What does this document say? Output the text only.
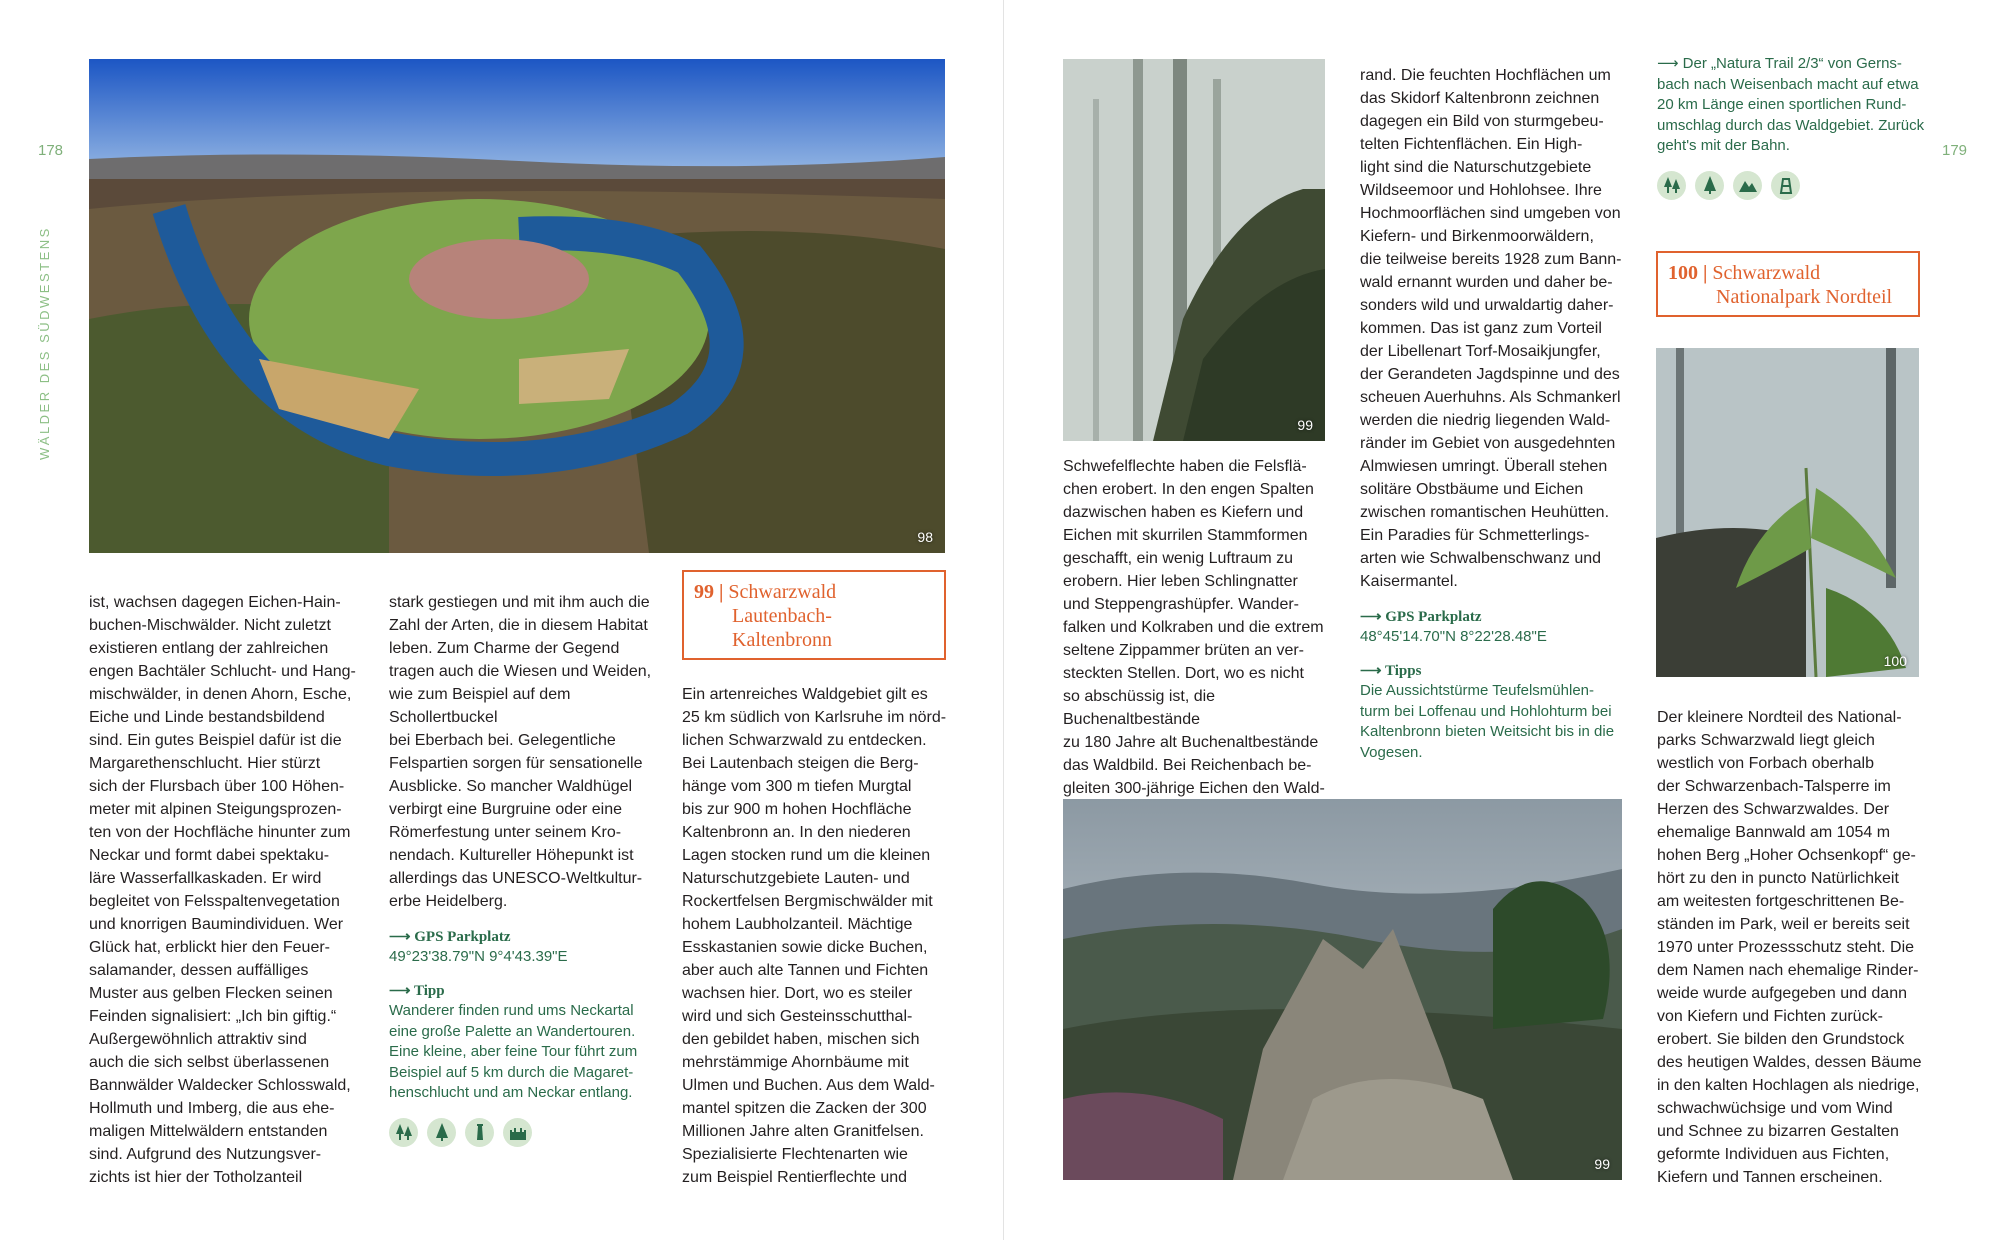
178
WÄLDER DES SÜDWESTENS
98
ist, wachsen dagegen Eichen-Hain-
buchen-Mischwälder. Nicht zuletzt
existieren entlang der zahlreichen
engen Bachtäler Schlucht- und Hang-
mischwälder, in denen Ahorn, Esche,
Eiche und Linde bestandsbildend
sind. Ein gutes Beispiel dafür ist die
Margarethenschlucht. Hier stürzt
sich der Flursbach über 100 Höhen-
meter mit alpinen Steigungsprozen-
ten von der Hochfläche hinunter zum
Neckar und formt dabei spektaku-
läre Wasserfallkaskaden. Er wird
begleitet von Felsspaltenvegetation
und knorrigen Baumindividuen. Wer
Glück hat, erblickt hier den Feuer-
salamander, dessen auffälliges
Muster aus gelben Flecken seinen
Feinden signalisiert: „Ich bin giftig.“
Außergewöhnlich attraktiv sind
auch die sich selbst überlassenen
Bannwälder Waldecker Schlosswald,
Hollmuth und Imberg, die aus ehe-
maligen Mittelwäldern entstanden
sind. Aufgrund des Nutzungsver-
zichts ist hier der Totholzanteil
stark gestiegen und mit ihm auch die
Zahl der Arten, die in diesem Habitat
leben. Zum Charme der Gegend
tragen auch die Wiesen und Weiden,
wie zum Beispiel auf dem Schollertbuckel
bei Eberbach bei. Gelegentliche
Felspartien sorgen für sensationelle
Ausblicke. So mancher Waldhügel
verbirgt eine Burgruine oder eine
Römerfestung unter seinem Kro-
nendach. Kultureller Höhepunkt ist
allerdings das UNESCO-Weltkultur-
erbe Heidelberg.
⟶ GPS Parkplatz
49°23'38.79"N 9°4'43.39"E
⟶ Tipp
Wanderer finden rund ums Neckartal
eine große Palette an Wandertouren.
Eine kleine, aber feine Tour führt zum
Beispiel auf 5 km durch die Magaret-
henschlucht und am Neckar entlang.
99 | Schwarzwald
Lautenbach-
Kaltenbronn
Ein artenreiches Waldgebiet gilt es
25 km südlich von Karlsruhe im nörd-
lichen Schwarzwald zu entdecken.
Bei Lautenbach steigen die Berg-
hänge vom 300 m tiefen Murgtal
bis zur 900 m hohen Hochfläche
Kaltenbronn an. In den niederen
Lagen stocken rund um die kleinen
Naturschutzgebiete Lauten- und
Rockertfelsen Bergmischwälder mit
hohem Laubholzanteil. Mächtige
Esskastanien sowie dicke Buchen,
aber auch alte Tannen und Fichten
wachsen hier. Dort, wo es steiler
wird und sich Gesteinsschutthal-
den gebildet haben, mischen sich
mehrstämmige Ahornbäume mit
Ulmen und Buchen. Aus dem Wald-
mantel spitzen die Zacken der 300
Millionen Jahre alten Granitfelsen.
Spezialisierte Flechtenarten wie
zum Beispiel Rentierflechte und
179
99
Schwefelflechte haben die Felsflä-
chen erobert. In den engen Spalten
dazwischen haben es Kiefern und
Eichen mit skurrilen Stammformen
geschafft, ein wenig Luftraum zu
erobern. Hier leben Schlingnatter
und Steppengrashüpfer. Wander-
falken und Kolkraben und die extrem
seltene Zippammer brüten an ver-
steckten Stellen. Dort, wo es nicht
so abschüssig ist, die Buchenaltbestände
zu 180 Jahre alt Buchenaltbestände
das Waldbild. Bei Reichenbach be-
gleiten 300-jährige Eichen den Wald-
rand. Die feuchten Hochflächen um
das Skidorf Kaltenbronn zeichnen
dagegen ein Bild von sturmgebeu-
telten Fichtenflächen. Ein High-
light sind die Naturschutzgebiete
Wildseemoor und Hohlohsee. Ihre
Hochmoorflächen sind umgeben von
Kiefern- und Birkenmoorwäldern,
die teilweise bereits 1928 zum Bann-
wald ernannt wurden und daher be-
sonders wild und urwaldartig daher-
kommen. Das ist ganz zum Vorteil
der Libellenart Torf-Mosaikjungfer,
der Gerandeten Jagdspinne und des
scheuen Auerhuhns. Als Schmankerl
werden die niedrig liegenden Wald-
ränder im Gebiet von ausgedehnten
Almwiesen umringt. Überall stehen
solitäre Obstbäume und Eichen
zwischen romantischen Heuhütten.
Ein Paradies für Schmetterlings-
arten wie Schwalbenschwanz und
Kaisermantel.
⟶ GPS Parkplatz
48°45'14.70"N 8°22'28.48"E
⟶ Tipps
Die Aussichtstürme Teufelsmühlen-
turm bei Loffenau und Hohlohturm bei
Kaltenbronn bieten Weitsicht bis in die
Vogesen.
⟶ Der „Natura Trail 2/3“ von Gerns-
bach nach Weisenbach macht auf etwa
20 km Länge einen sportlichen Rund-
umschlag durch das Waldgebiet. Zurück
geht's mit der Bahn.
100 | Schwarzwald
Nationalpark Nordteil
100
Der kleinere Nordteil des National-
parks Schwarzwald liegt gleich
westlich von Forbach oberhalb
der Schwarzenbach-Talsperre im
Herzen des Schwarzwaldes. Der
ehemalige Bannwald am 1054 m
hohen Berg „Hoher Ochsenkopf“ ge-
hört zu den in puncto Natürlichkeit
am weitesten fortgeschrittenen Be-
ständen im Park, weil er bereits seit
1970 unter Prozessschutz steht. Die
dem Namen nach ehemalige Rinder-
weide wurde aufgegeben und dann
von Kiefern und Fichten zurück-
erobert. Sie bilden den Grundstock
des heutigen Waldes, dessen Bäume
in den kalten Hochlagen als niedrige,
schwachwüchsige und vom Wind
und Schnee zu bizarren Gestalten
geformte Individuen aus Fichten,
Kiefern und Tannen erscheinen.
99
